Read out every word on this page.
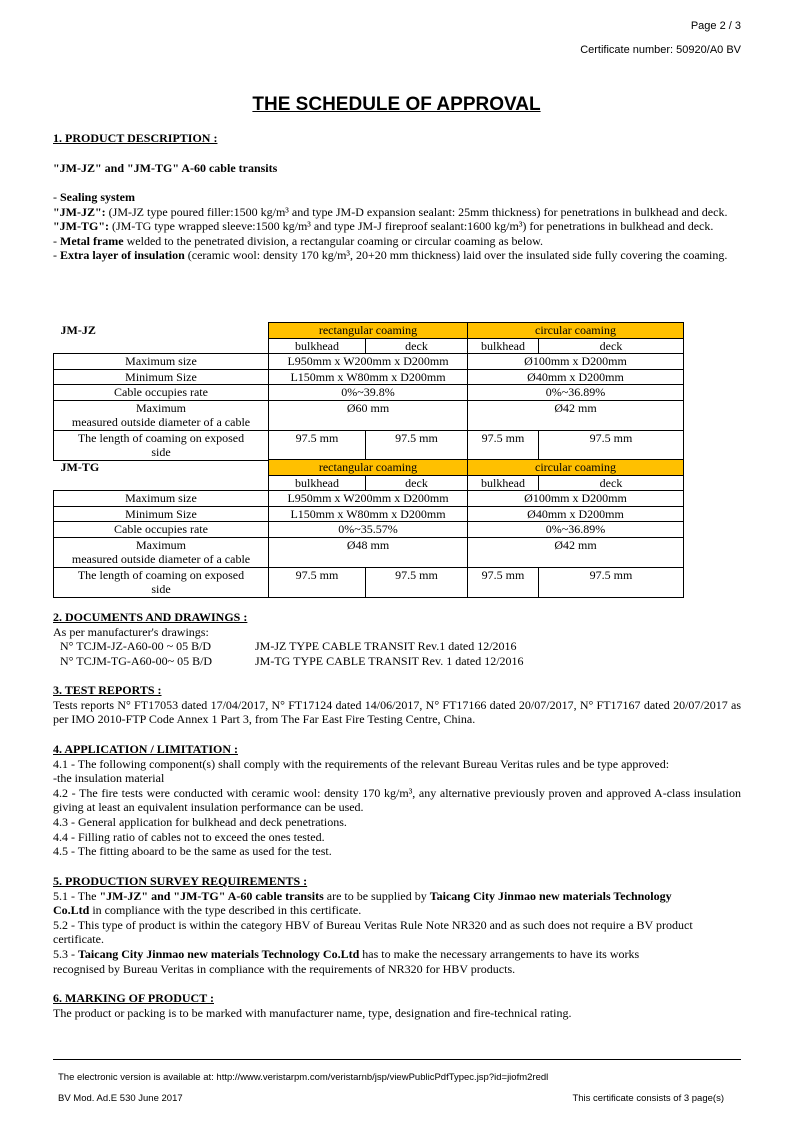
Page 2 / 3
Certificate number: 50920/A0 BV
THE SCHEDULE OF APPROVAL

1. PRODUCT DESCRIPTION :

"JM-JZ" and "JM-TG" A-60 cable transits

- Sealing system

"JM-JZ": (JM-JZ type poured filler:1500 kg/m³ and type JM-D expansion sealant: 25mm thickness) for penetrations in bulkhead and deck.

"JM-TG": (JM-TG type wrapped sleeve:1500 kg/m³ and type JM-J fireproof sealant:1600 kg/m³) for penetrations in bulkhead and deck.

- Metal frame welded to the penetrated division, a rectangular coaming or circular coaming as below.

- Extra layer of insulation (ceramic wool: density 170 kg/m³, 20+20 mm thickness) laid over the insulated side fully covering the coaming.

JM-JZ	rectangular coaming		circular coaming	
	bulkhead	deck	bulkhead	deck
Maximum size	L950mm x W200mm x D200mm		Ø100mm x D200mm	
Minimum Size	L150mm x W80mm x D200mm		Ø40mm x D200mm	
Cable occupies rate	0%~39.8%		0%~36.89%	

Maximum
measured outside diameter of a cable	Ø60 mm		Ø42 mm	

The length of coaming on exposed
side	97.5 mm	97.5 mm	97.5 mm	97.5 mm
JM-TG	rectangular coaming		circular coaming	
	bulkhead	deck	bulkhead	deck
Maximum size	L950mm x W200mm x D200mm		Ø100mm x D200mm	
Minimum Size	L150mm x W80mm x D200mm		Ø40mm x D200mm	
Cable occupies rate	0%~35.57%		0%~36.89%	

Maximum
measured outside diameter of a cable	Ø48 mm		Ø42 mm	

The length of coaming on exposed
side	97.5 mm	97.5 mm	97.5 mm	97.5 mm

2. DOCUMENTS AND DRAWINGS :

As per manufacturer's drawings:

N° TCJM-JZ-A60-00 ~ 05 B/D	JM-JZ TYPE CABLE TRANSIT Rev.1 dated 12/2016

N° TCJM-TG-A60-00~ 05 B/D	JM-TG TYPE CABLE TRANSIT Rev. 1 dated 12/2016

3. TEST REPORTS :

Tests reports N° FT17053 dated 17/04/2017, N° FT17124 dated 14/06/2017, N° FT17166 dated 20/07/2017, N° FT17167 dated 20/07/2017 as per IMO 2010-FTP Code Annex 1 Part 3, from The Far East Fire Testing Centre, China.

4. APPLICATION / LIMITATION :

4.1 - The following component(s) shall comply with the requirements of the relevant Bureau Veritas rules and be type approved:

-the insulation material

4.2 - The fire tests were conducted with ceramic wool: density 170 kg/m³, any alternative previously proven and approved A-class insulation giving at least an equivalent insulation performance can be used.

4.3 - General application for bulkhead and deck penetrations.

4.4 - Filling ratio of cables not to exceed the ones tested.

4.5 - The fitting aboard to be the same as used for the test.

5. PRODUCTION SURVEY REQUIREMENTS :

5.1 - The "JM-JZ" and "JM-TG" A-60 cable transits are to be supplied by Taicang City Jinmao new materials Technology Co.Ltd in compliance with the type described in this certificate.

5.2 - This type of product is within the category HBV of Bureau Veritas Rule Note NR320 and as such does not require a BV product certificate.

5.3 - Taicang City Jinmao new materials Technology Co.Ltd has to make the necessary arrangements to have its works recognised by Bureau Veritas in compliance with the requirements of NR320 for HBV products.

6. MARKING OF PRODUCT :

The product or packing is to be marked with manufacturer name, type, designation and fire-technical rating.

The electronic version is available at: http://www.veristarpm.com/veristarnb/jsp/viewPublicPdfTypec.jsp?id=jiofm2redl
BV Mod. Ad.E 530 June 2017	This certificate consists of 3 page(s)
